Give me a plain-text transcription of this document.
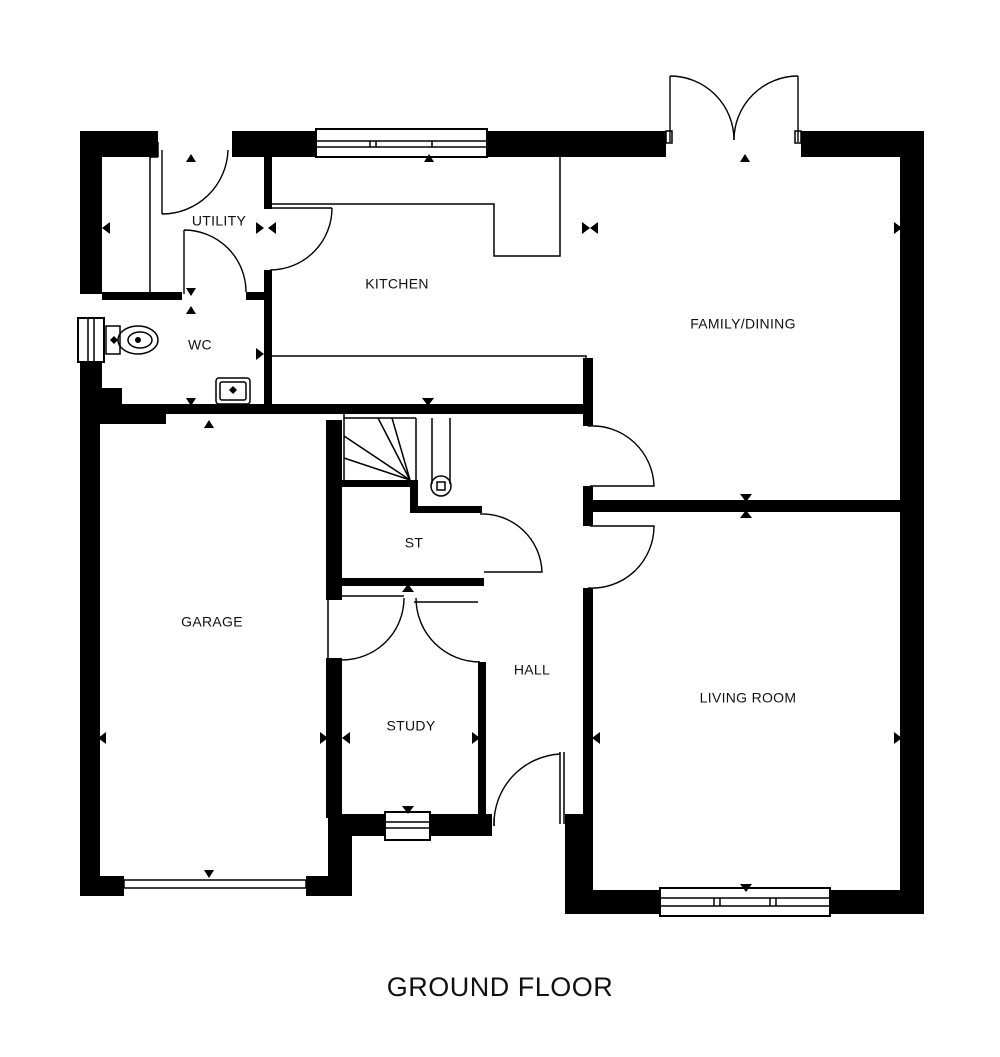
UTILITY
KITCHEN
FAMILY/DINING
WC
ST
GARAGE
HALL
STUDY
LIVING ROOM
GROUND FLOOR
